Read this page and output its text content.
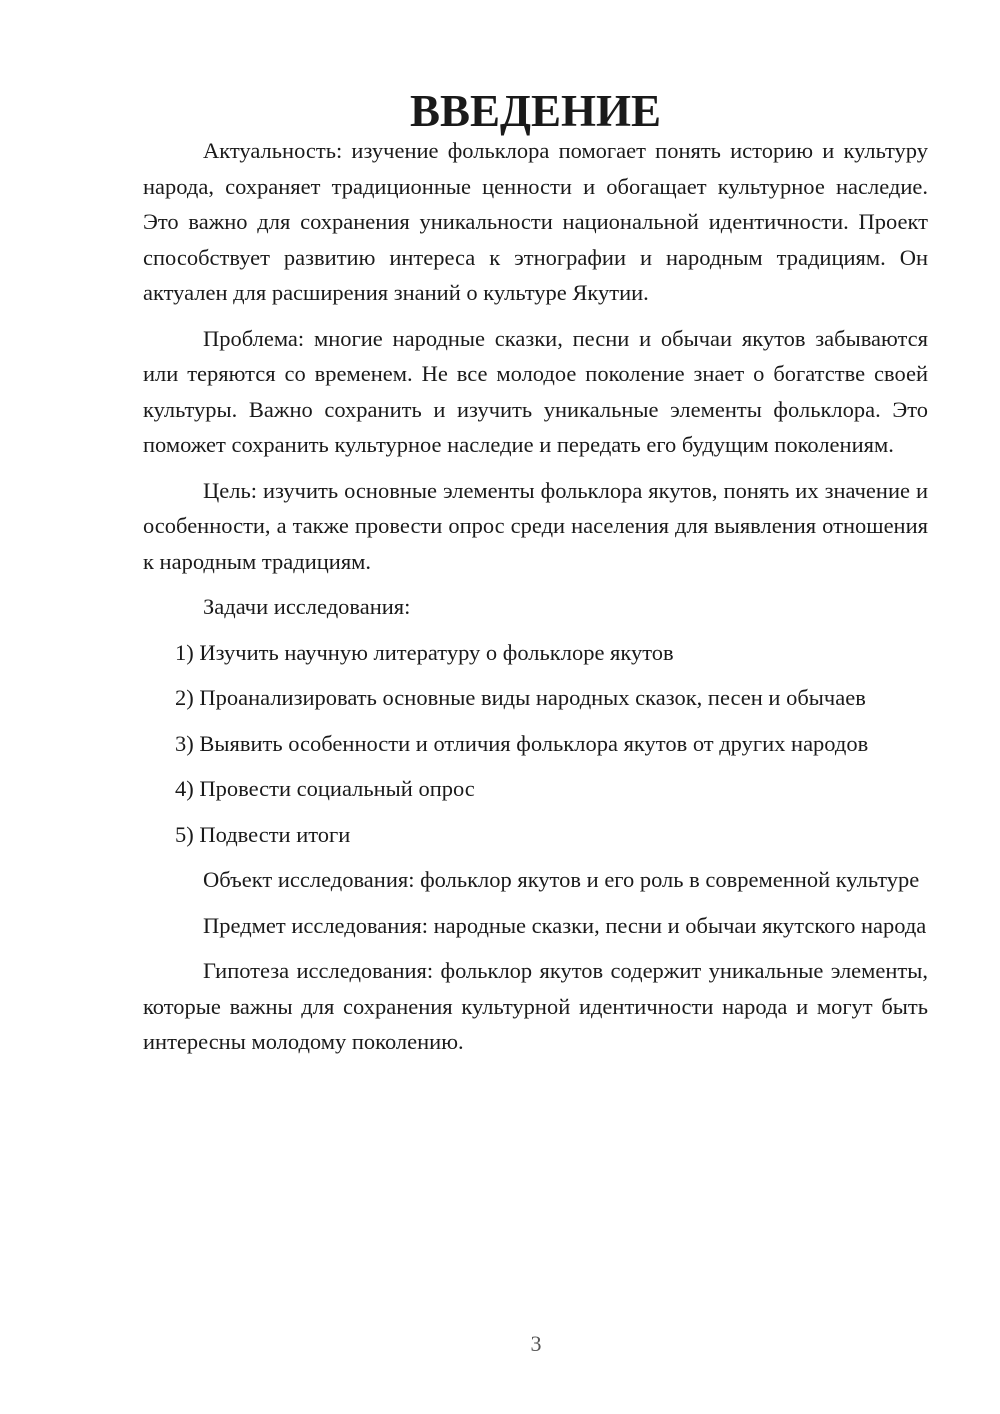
ВВЕДЕНИЕ

Актуальность: изучение фольклора помогает понять историю и культуру народа, сохраняет традиционные ценности и обогащает культурное наследие. Это важно для сохранения уникальности национальной идентичности. Проект способствует развитию интереса к этнографии и народным традициям. Он актуален для расширения знаний о культуре Якутии.

Проблема: многие народные сказки, песни и обычаи якутов забываются или теряются со временем. Не все молодое поколение знает о богатстве своей культуры. Важно сохранить и изучить уникальные элементы фольклора. Это поможет сохранить культурное наследие и передать его будущим поколениям.

Цель: изучить основные элементы фольклора якутов, понять их значение и особенности, а также провести опрос среди населения для выявления отношения к народным традициям.

Задачи исследования:

1) Изучить научную литературу о фольклоре якутов

2) Проанализировать основные виды народных сказок, песен и обычаев

3) Выявить особенности и отличия фольклора якутов от других народов

4) Провести социальный опрос

5) Подвести итоги

Объект исследования: фольклор якутов и его роль в современной культуре

Предмет исследования: народные сказки, песни и обычаи якутского народа

Гипотеза исследования: фольклор якутов содержит уникальные элементы, которые важны для сохранения культурной идентичности народа и могут быть интересны молодому поколению.

3
